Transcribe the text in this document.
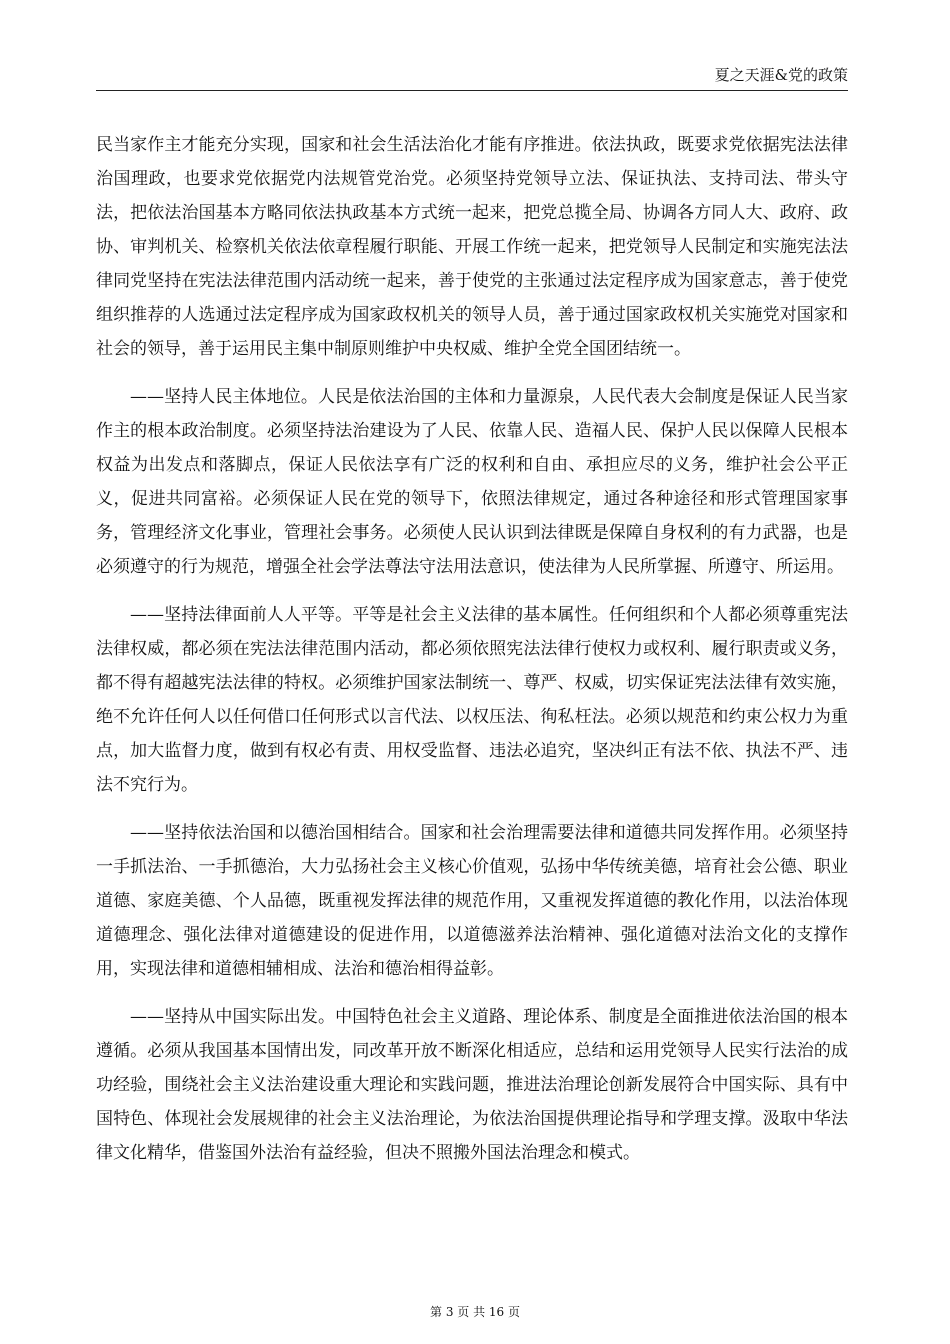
夏之天涯&党的政策

民当家作主才能充分实现，国家和社会生活法治化才能有序推进。依法执政，既要求党依据宪法法律治国理政，也要求党依据党内法规管党治党。必须坚持党领导立法、保证执法、支持司法、带头守法，把依法治国基本方略同依法执政基本方式统一起来，把党总揽全局、协调各方同人大、政府、政协、审判机关、检察机关依法依章程履行职能、开展工作统一起来，把党领导人民制定和实施宪法法律同党坚持在宪法法律范围内活动统一起来，善于使党的主张通过法定程序成为国家意志，善于使党组织推荐的人选通过法定程序成为国家政权机关的领导人员，善于通过国家政权机关实施党对国家和社会的领导，善于运用民主集中制原则维护中央权威、维护全党全国团结统一。

——坚持人民主体地位。人民是依法治国的主体和力量源泉，人民代表大会制度是保证人民当家作主的根本政治制度。必须坚持法治建设为了人民、依靠人民、造福人民、保护人民以保障人民根本权益为出发点和落脚点，保证人民依法享有广泛的权利和自由、承担应尽的义务，维护社会公平正义，促进共同富裕。必须保证人民在党的领导下，依照法律规定，通过各种途径和形式管理国家事务，管理经济文化事业，管理社会事务。必须使人民认识到法律既是保障自身权利的有力武器，也是必须遵守的行为规范，增强全社会学法尊法守法用法意识，使法律为人民所掌握、所遵守、所运用。

——坚持法律面前人人平等。平等是社会主义法律的基本属性。任何组织和个人都必须尊重宪法法律权威，都必须在宪法法律范围内活动，都必须依照宪法法律行使权力或权利、履行职责或义务，都不得有超越宪法法律的特权。必须维护国家法制统一、尊严、权威，切实保证宪法法律有效实施，绝不允许任何人以任何借口任何形式以言代法、以权压法、徇私枉法。必须以规范和约束公权力为重点，加大监督力度，做到有权必有责、用权受监督、违法必追究，坚决纠正有法不依、执法不严、违法不究行为。

——坚持依法治国和以德治国相结合。国家和社会治理需要法律和道德共同发挥作用。必须坚持一手抓法治、一手抓德治，大力弘扬社会主义核心价值观，弘扬中华传统美德，培育社会公德、职业道德、家庭美德、个人品德，既重视发挥法律的规范作用，又重视发挥道德的教化作用，以法治体现道德理念、强化法律对道德建设的促进作用，以道德滋养法治精神、强化道德对法治文化的支撑作用，实现法律和道德相辅相成、法治和德治相得益彰。

——坚持从中国实际出发。中国特色社会主义道路、理论体系、制度是全面推进依法治国的根本遵循。必须从我国基本国情出发，同改革开放不断深化相适应，总结和运用党领导人民实行法治的成功经验，围绕社会主义法治建设重大理论和实践问题，推进法治理论创新发展符合中国实际、具有中国特色、体现社会发展规律的社会主义法治理论，为依法治国提供理论指导和学理支撑。汲取中华法律文化精华，借鉴国外法治有益经验，但决不照搬外国法治理念和模式。

第 3 页 共 16 页
